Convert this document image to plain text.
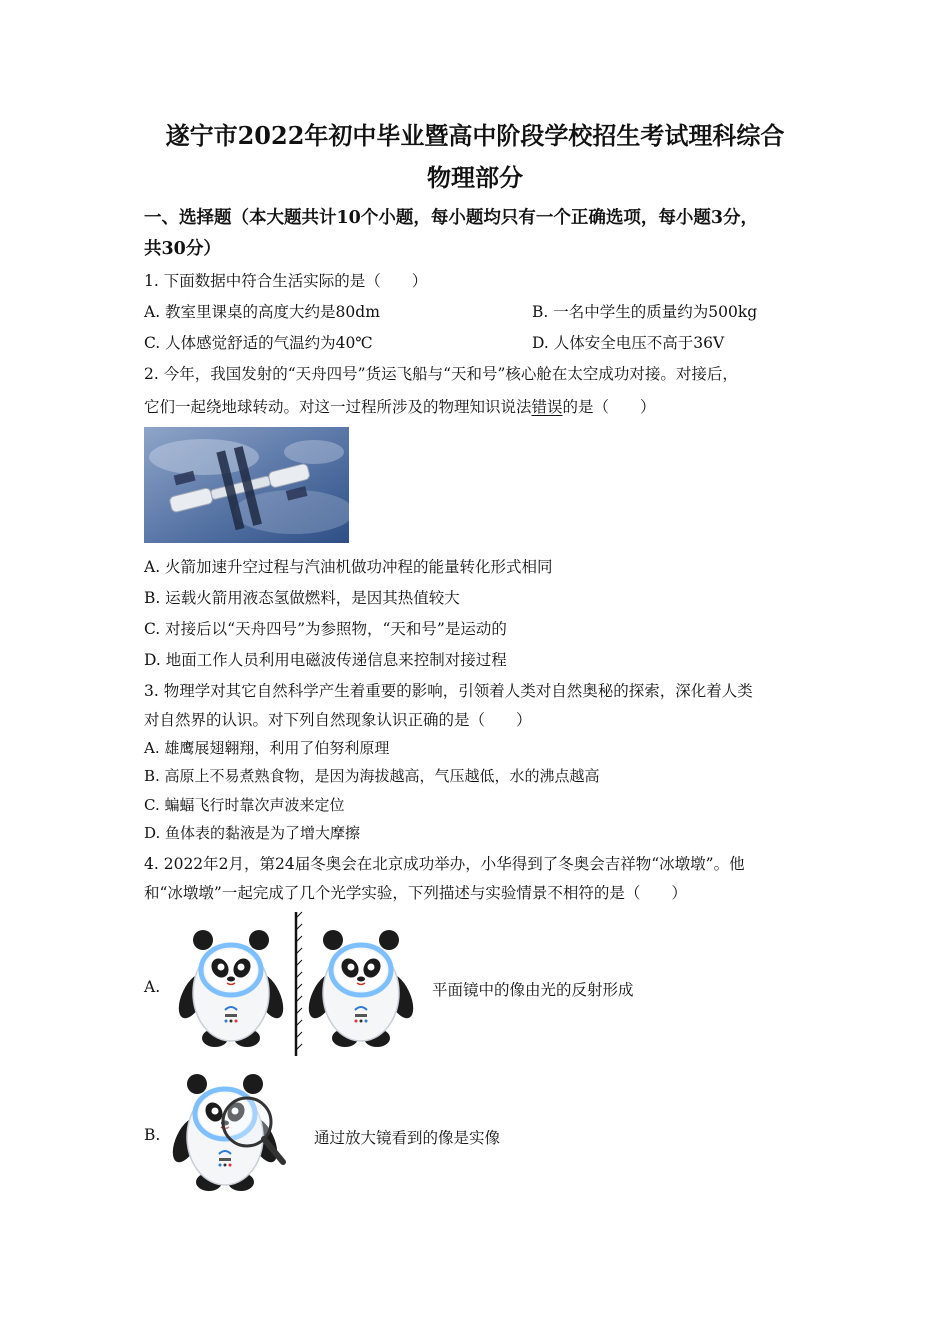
遂宁市2022年初中毕业暨高中阶段学校招生考试理科综合
物理部分
一、选择题（本大题共计10个小题，每小题均只有一个正确选项，每小题3分，
共30分）
1. 下面数据中符合生活实际的是（　　）
A. 教室里课桌的高度大约是80dm	B. 一名中学生的质量约为500kg
C. 人体感觉舒适的气温约为40℃	D. 人体安全电压不高于36V
2. 今年，我国发射的“天舟四号”货运飞船与“天和号”核心舱在太空成功对接。对接后，
它们一起绕地球转动。对这一过程所涉及的物理知识说法错误的是（　　）
A. 火箭加速升空过程与汽油机做功冲程的能量转化形式相同
B. 运载火箭用液态氢做燃料，是因其热值较大
C. 对接后以“天舟四号”为参照物，“天和号”是运动的
D. 地面工作人员利用电磁波传递信息来控制对接过程
3. 物理学对其它自然科学产生着重要的影响，引领着人类对自然奥秘的探索，深化着人类
对自然界的认识。对下列自然现象认识正确的是（　　）
A. 雄鹰展翅翱翔，利用了伯努利原理
B. 高原上不易煮熟食物，是因为海拔越高，气压越低，水的沸点越高
C. 蝙蝠飞行时靠次声波来定位
D. 鱼体表的黏液是为了增大摩擦
4. 2022年2月，第24届冬奥会在北京成功举办，小华得到了冬奥会吉祥物“冰墩墩”。他
和“冰墩墩”一起完成了几个光学实验，下列描述与实验情景不相符的是（　　）
A.	平面镜中的像由光的反射形成
B.	通过放大镜看到的像是实像
